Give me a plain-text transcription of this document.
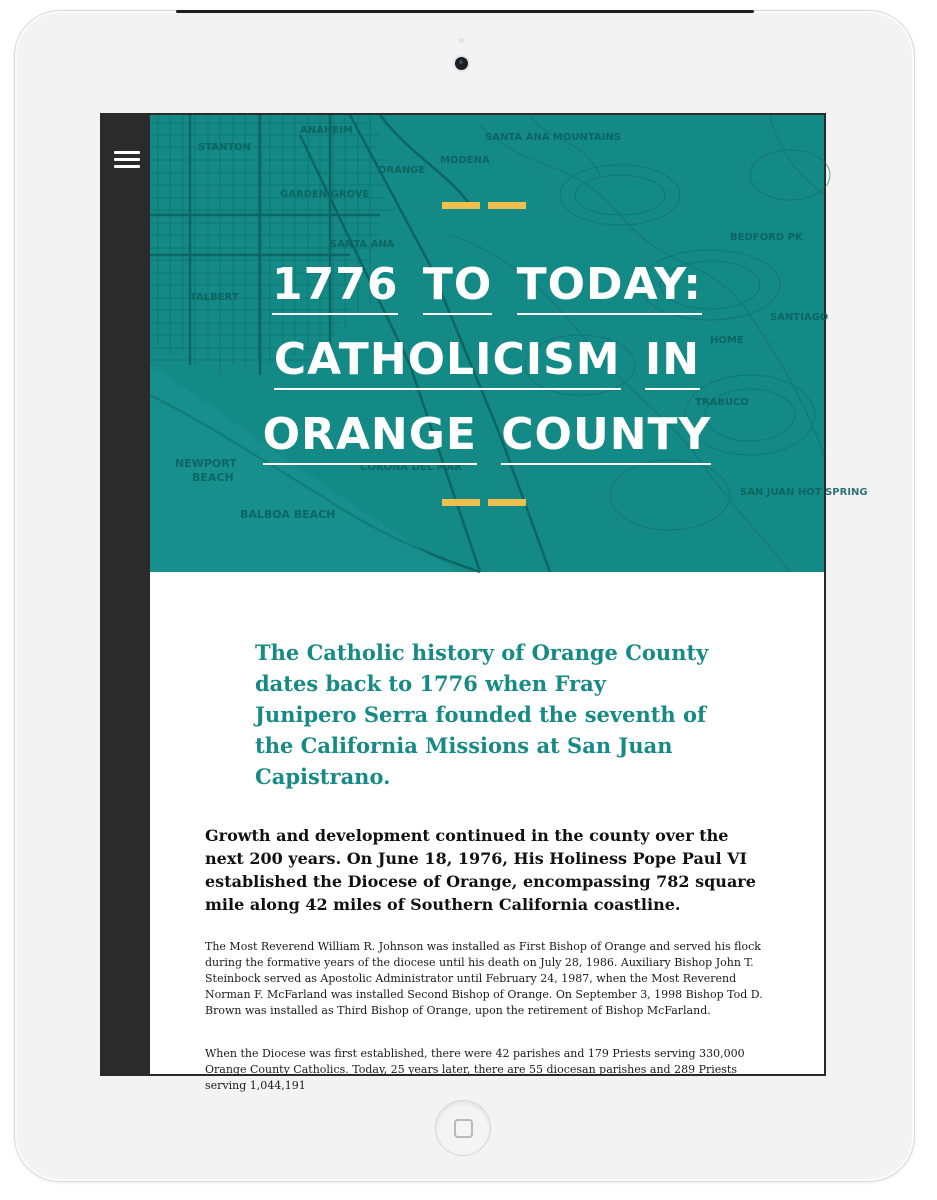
ANAHEIM
STANTON
ORANGE
SANTA ANA
SANTA ANA MOUNTAINS
BEDFORD PK
MODENA
GARDEN GROVE
TALBERT
SANTIAGO
HOME
TRABUCO
SAN JUAN HOT SPRING
NEWPORT
BEACH
BALBOA BEACH
CORONA DEL MAR
1776 TO TODAY:
CATHOLICISM IN
ORANGE COUNTY

The Catholic history of Orange County dates back to 1776 when Fray Junipero Serra founded the seventh of the California Missions at San Juan Capistrano.

Growth and development continued in the county over the next 200 years. On June 18, 1976, His Holiness Pope Paul VI established the Diocese of Orange, encompassing 782 square mile along 42 miles of Southern California coastline.

The Most Reverend William R. Johnson was installed as First Bishop of Orange and served his flock during the formative years of the diocese until his death on July 28, 1986. Auxiliary Bishop John T. Steinbock served as Apostolic Administrator until February 24, 1987, when the Most Reverend Norman F. McFarland was installed Second Bishop of Orange. On September 3, 1998 Bishop Tod D. Brown was installed as Third Bishop of Orange, upon the retirement of Bishop McFarland.

When the Diocese was first established, there were 42 parishes and 179 Priests serving 330,000 Orange County Catholics. Today, 25 years later, there are 55 diocesan parishes and 289 Priests serving 1,044,191
